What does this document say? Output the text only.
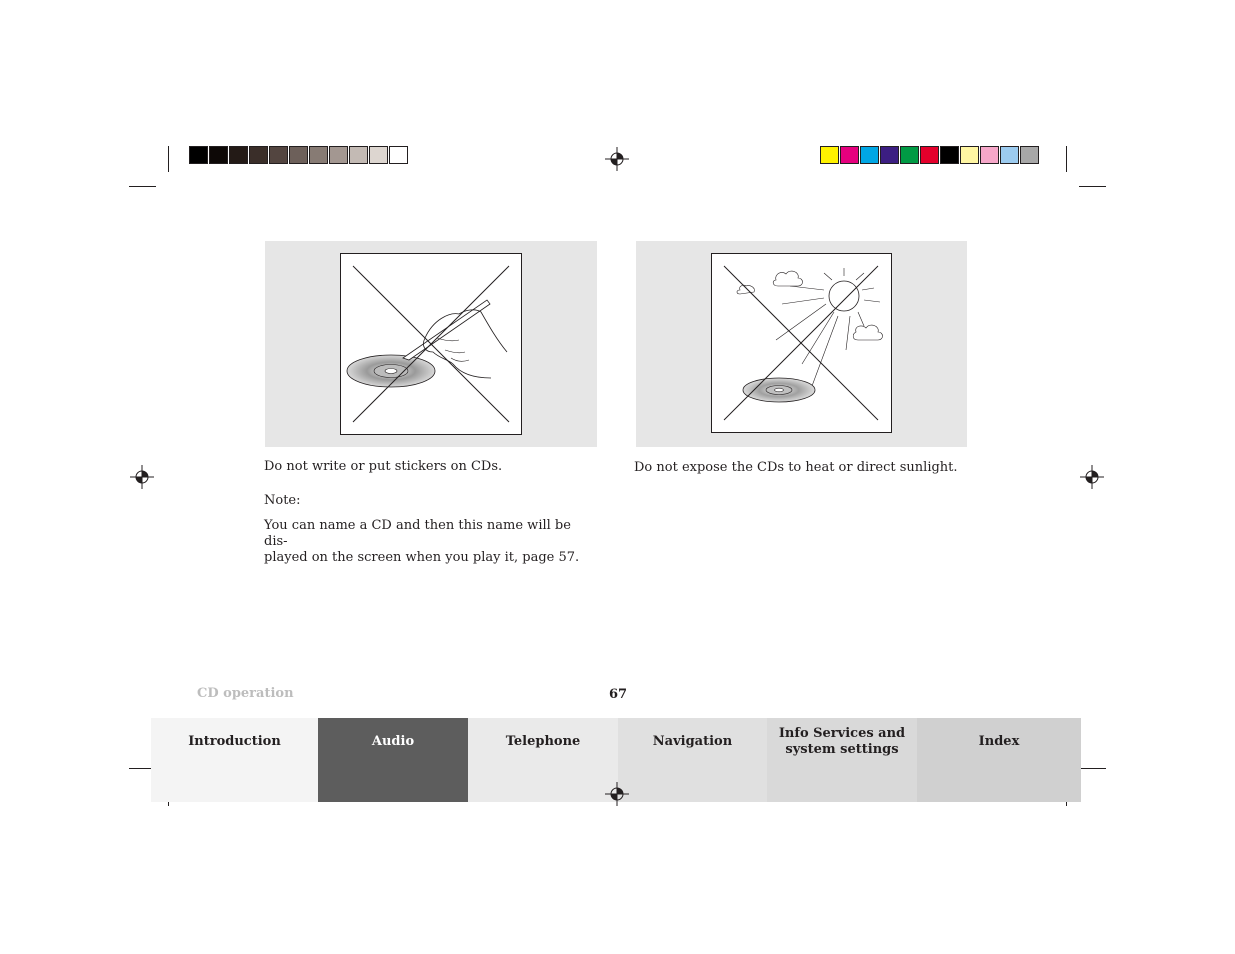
Do not write or put stickers on CDs.
Note:
You can name a CD and then this name will be dis-
played on the screen when you play it, page 57.
Do not expose the CDs to heat or direct sunlight.
CD operation	67
Introduction	Audio	Telephone	Navigation
Info Services and
system settings
Index
